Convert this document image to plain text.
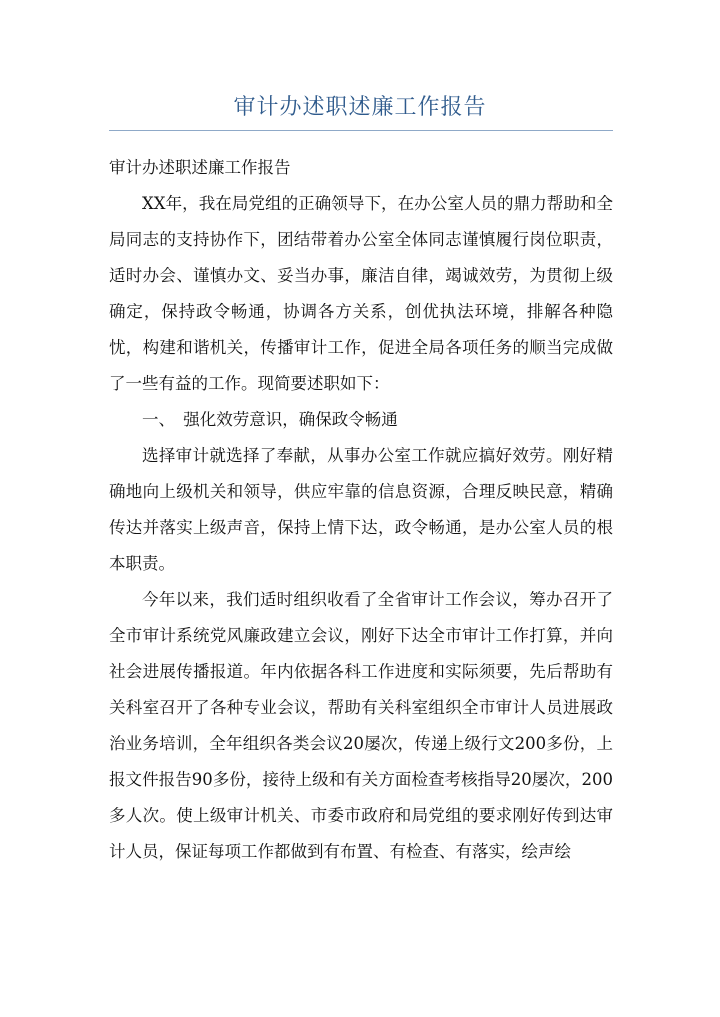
审计办述职述廉工作报告

审计办述职述廉工作报告

XX年，我在局党组的正确领导下，在办公室人员的鼎力帮助和全局同志的支持协作下，团结带着办公室全体同志谨慎履行岗位职责，适时办会、谨慎办文、妥当办事，廉洁自律，竭诚效劳，为贯彻上级确定，保持政令畅通，协调各方关系，创优执法环境，排解各种隐忧，构建和谐机关，传播审计工作，促进全局各项任务的顺当完成做了一些有益的工作。现简要述职如下：

一、　强化效劳意识，确保政令畅通

选择审计就选择了奉献，从事办公室工作就应搞好效劳。刚好精确地向上级机关和领导，供应牢靠的信息资源，合理反映民意，精确传达并落实上级声音，保持上情下达，政令畅通，是办公室人员的根本职责。

今年以来，我们适时组织收看了全省审计工作会议，筹办召开了全市审计系统党风廉政建立会议，刚好下达全市审计工作打算，并向社会进展传播报道。年内依据各科工作进度和实际须要，先后帮助有关科室召开了各种专业会议，帮助有关科室组织全市审计人员进展政治业务培训，全年组织各类会议20屡次，传递上级行文200多份，上报文件报告90多份，接待上级和有关方面检查考核指导20屡次，200多人次。使上级审计机关、市委市政府和局党组的要求刚好传到达审计人员，保证每项工作都做到有布置、有检查、有落实，绘声绘
